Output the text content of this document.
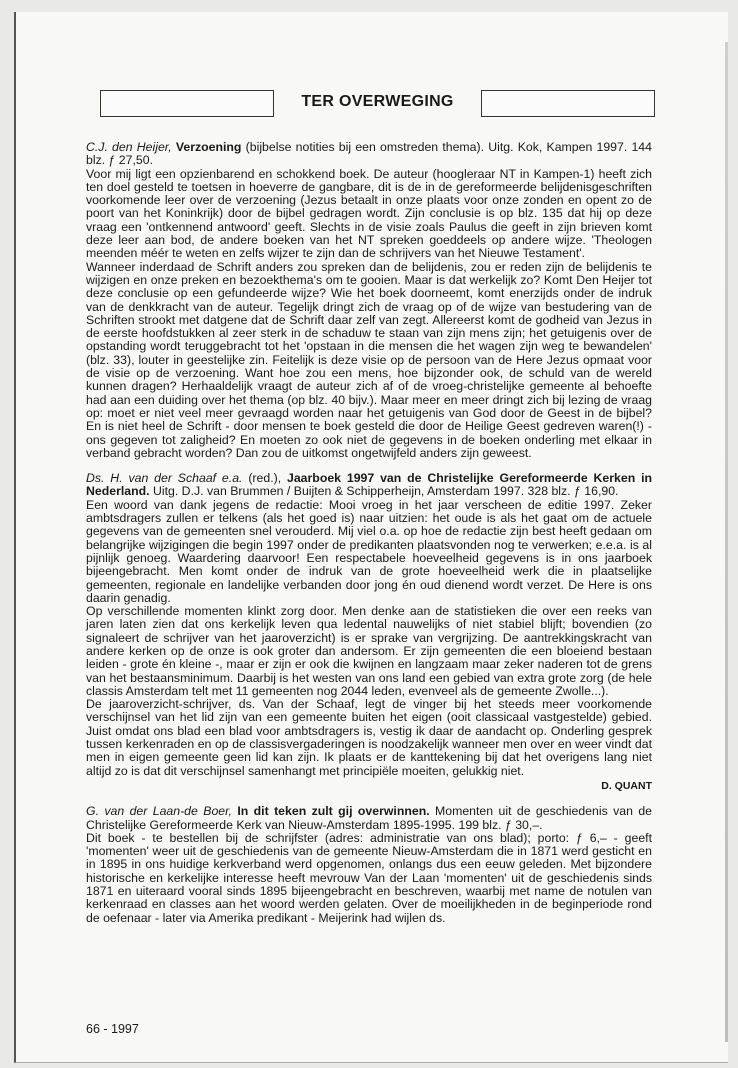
TER OVERWEGING

C.J. den Heijer, Verzoening (bijbelse notities bij een omstreden thema). Uitg. Kok, Kampen 1997. 144 blz. ƒ 27,50.

Voor mij ligt een opzienbarend en schokkend boek. De auteur (hoogleraar NT in Kampen-1) heeft zich ten doel gesteld te toetsen in hoeverre de gangbare, dit is de in de gereformeerde belijdenisgeschriften voorkomende leer over de verzoening (Jezus betaalt in onze plaats voor onze zonden en opent zo de poort van het Koninkrijk) door de bijbel gedragen wordt. Zijn conclusie is op blz. 135 dat hij op deze vraag een 'ontkennend antwoord' geeft. Slechts in de visie zoals Paulus die geeft in zijn brieven komt deze leer aan bod, de andere boeken van het NT spreken goeddeels op andere wijze. 'Theologen meenden méér te weten en zelfs wijzer te zijn dan de schrijvers van het Nieuwe Testament'.

Wanneer inderdaad de Schrift anders zou spreken dan de belijdenis, zou er reden zijn de belijdenis te wijzigen en onze preken en bezoekthema's om te gooien. Maar is dat werkelijk zo? Komt Den Heijer tot deze conclusie op een gefundeerde wijze? Wie het boek doorneemt, komt enerzijds onder de indruk van de denkkracht van de auteur. Tegelijk dringt zich de vraag op of de wijze van bestudering van de Schriften strookt met datgene dat de Schrift daar zelf van zegt. Allereerst komt de godheid van Jezus in de eerste hoofdstukken al zeer sterk in de schaduw te staan van zijn mens zijn; het getuigenis over de opstanding wordt teruggebracht tot het 'opstaan in die mensen die het wagen zijn weg te bewandelen' (blz. 33), louter in geestelijke zin. Feitelijk is deze visie op de persoon van de Here Jezus opmaat voor de visie op de verzoening. Want hoe zou een mens, hoe bijzonder ook, de schuld van de wereld kunnen dragen? Herhaaldelijk vraagt de auteur zich af of de vroeg-christelijke gemeente al behoefte had aan een duiding over het thema (op blz. 40 bijv.). Maar meer en meer dringt zich bij lezing de vraag op: moet er niet veel meer gevraagd worden naar het getuigenis van God door de Geest in de bijbel? En is niet heel de Schrift - door mensen te boek gesteld die door de Heilige Geest gedreven waren(!) - ons gegeven tot zaligheid? En moeten zo ook niet de gegevens in de boeken onderling met elkaar in verband gebracht worden? Dan zou de uitkomst ongetwijfeld anders zijn geweest.

Ds. H. van der Schaaf e.a. (red.), Jaarboek 1997 van de Christelijke Gereformeerde Kerken in Nederland. Uitg. D.J. van Brummen / Buijten & Schipperheijn, Amsterdam 1997. 328 blz. ƒ 16,90.

Een woord van dank jegens de redactie: Mooi vroeg in het jaar verscheen de editie 1997. Zeker ambtsdragers zullen er telkens (als het goed is) naar uitzien: het oude is als het gaat om de actuele gegevens van de gemeenten snel verouderd. Mij viel o.a. op hoe de redactie zijn best heeft gedaan om belangrijke wijzigingen die begin 1997 onder de predikanten plaatsvonden nog te verwerken; e.e.a. is al pijnlijk genoeg. Waardering daarvoor! Een respectabele hoeveelheid gegevens is in ons jaarboek bijeengebracht. Men komt onder de indruk van de grote hoeveelheid werk die in plaatselijke gemeenten, regionale en landelijke verbanden door jong én oud dienend wordt verzet. De Here is ons daarin genadig.

Op verschillende momenten klinkt zorg door. Men denke aan de statistieken die over een reeks van jaren laten zien dat ons kerkelijk leven qua ledental nauwelijks of niet stabiel blijft; bovendien (zo signaleert de schrijver van het jaaroverzicht) is er sprake van vergrijzing. De aantrekkingskracht van andere kerken op de onze is ook groter dan andersom. Er zijn gemeenten die een bloeiend bestaan leiden - grote én kleine -, maar er zijn er ook die kwijnen en langzaam maar zeker naderen tot de grens van het bestaansminimum. Daarbij is het westen van ons land een gebied van extra grote zorg (de hele classis Amsterdam telt met 11 gemeenten nog 2044 leden, evenveel als de gemeente Zwolle...).

De jaaroverzicht-schrijver, ds. Van der Schaaf, legt de vinger bij het steeds meer voorkomende verschijnsel van het lid zijn van een gemeente buiten het eigen (ooit classicaal vastgestelde) gebied. Juist omdat ons blad een blad voor ambtsdragers is, vestig ik daar de aandacht op. Onderling gesprek tussen kerkenraden en op de classisvergaderingen is noodzakelijk wanneer men over en weer vindt dat men in eigen gemeente geen lid kan zijn. Ik plaats er de kanttekening bij dat het overigens lang niet altijd zo is dat dit verschijnsel samenhangt met principiële moeiten, gelukkig niet.

D. QUANT

G. van der Laan-de Boer, In dit teken zult gij overwinnen. Momenten uit de geschiedenis van de Christelijke Gereformeerde Kerk van Nieuw-Amsterdam 1895-1995. 199 blz. ƒ 30,–.

Dit boek - te bestellen bij de schrijfster (adres: administratie van ons blad); porto: ƒ 6,– - geeft 'momenten' weer uit de geschiedenis van de gemeente Nieuw-Amsterdam die in 1871 werd gesticht en in 1895 in ons huidige kerkverband werd opgenomen, onlangs dus een eeuw geleden. Met bijzondere historische en kerkelijke interesse heeft mevrouw Van der Laan 'momenten' uit de geschiedenis sinds 1871 en uiteraard vooral sinds 1895 bijeengebracht en beschreven, waarbij met name de notulen van kerkenraad en classes aan het woord werden gelaten. Over de moeilijkheden in de beginperiode rond de oefenaar - later via Amerika predikant - Meijerink had wijlen ds.

66 - 1997
